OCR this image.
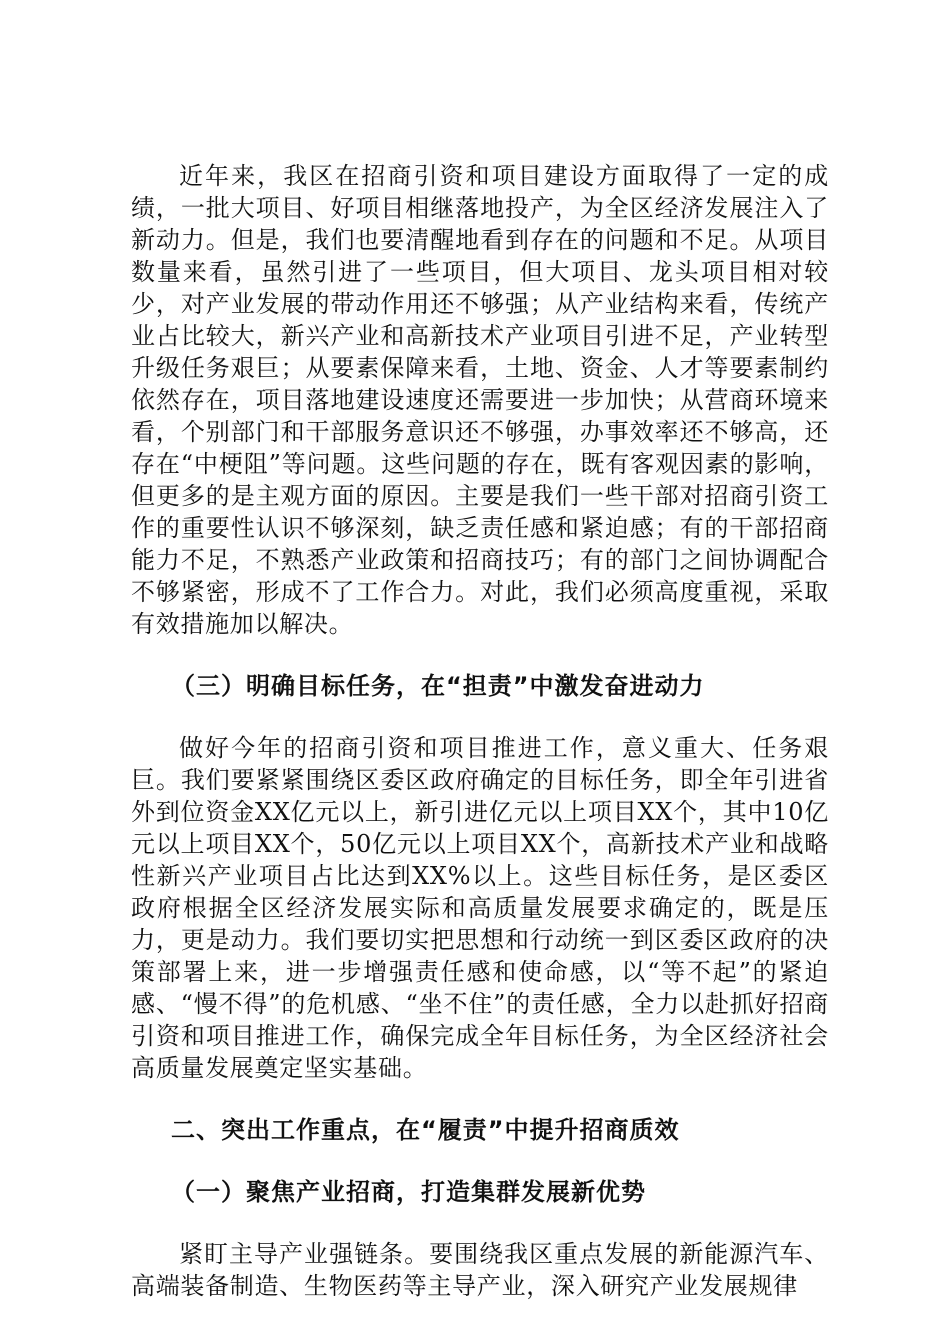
近年来，我区在招商引资和项目建设方面取得了一定的成绩，一批大项目、好项目相继落地投产，为全区经济发展注入了新动力。但是，我们也要清醒地看到存在的问题和不足。从项目数量来看，虽然引进了一些项目，但大项目、龙头项目相对较少，对产业发展的带动作用还不够强；从产业结构来看，传统产业占比较大，新兴产业和高新技术产业项目引进不足，产业转型升级任务艰巨；从要素保障来看，土地、资金、人才等要素制约依然存在，项目落地建设速度还需要进一步加快；从营商环境来看，个别部门和干部服务意识还不够强，办事效率还不够高，还存在“中梗阻”等问题。这些问题的存在，既有客观因素的影响，但更多的是主观方面的原因。主要是我们一些干部对招商引资工作的重要性认识不够深刻，缺乏责任感和紧迫感；有的干部招商能力不足，不熟悉产业政策和招商技巧；有的部门之间协调配合不够紧密，形成不了工作合力。对此，我们必须高度重视，采取有效措施加以解决。

（三）明确目标任务，在“担责”中激发奋进动力

做好今年的招商引资和项目推进工作，意义重大、任务艰巨。我们要紧紧围绕区委区政府确定的目标任务，即全年引进省外到位资金XX亿元以上，新引进亿元以上项目XX个，其中10亿元以上项目XX个，50亿元以上项目XX个，高新技术产业和战略性新兴产业项目占比达到XX%以上。这些目标任务，是区委区政府根据全区经济发展实际和高质量发展要求确定的，既是压力，更是动力。我们要切实把思想和行动统一到区委区政府的决策部署上来，进一步增强责任感和使命感，以“等不起”的紧迫感、“慢不得”的危机感、“坐不住”的责任感，全力以赴抓好招商引资和项目推进工作，确保完成全年目标任务，为全区经济社会高质量发展奠定坚实基础。

二、突出工作重点，在“履责”中提升招商质效

（一）聚焦产业招商，打造集群发展新优势

紧盯主导产业强链条。要围绕我区重点发展的新能源汽车、高端装备制造、生物医药等主导产业，深入研究产业发展规律
